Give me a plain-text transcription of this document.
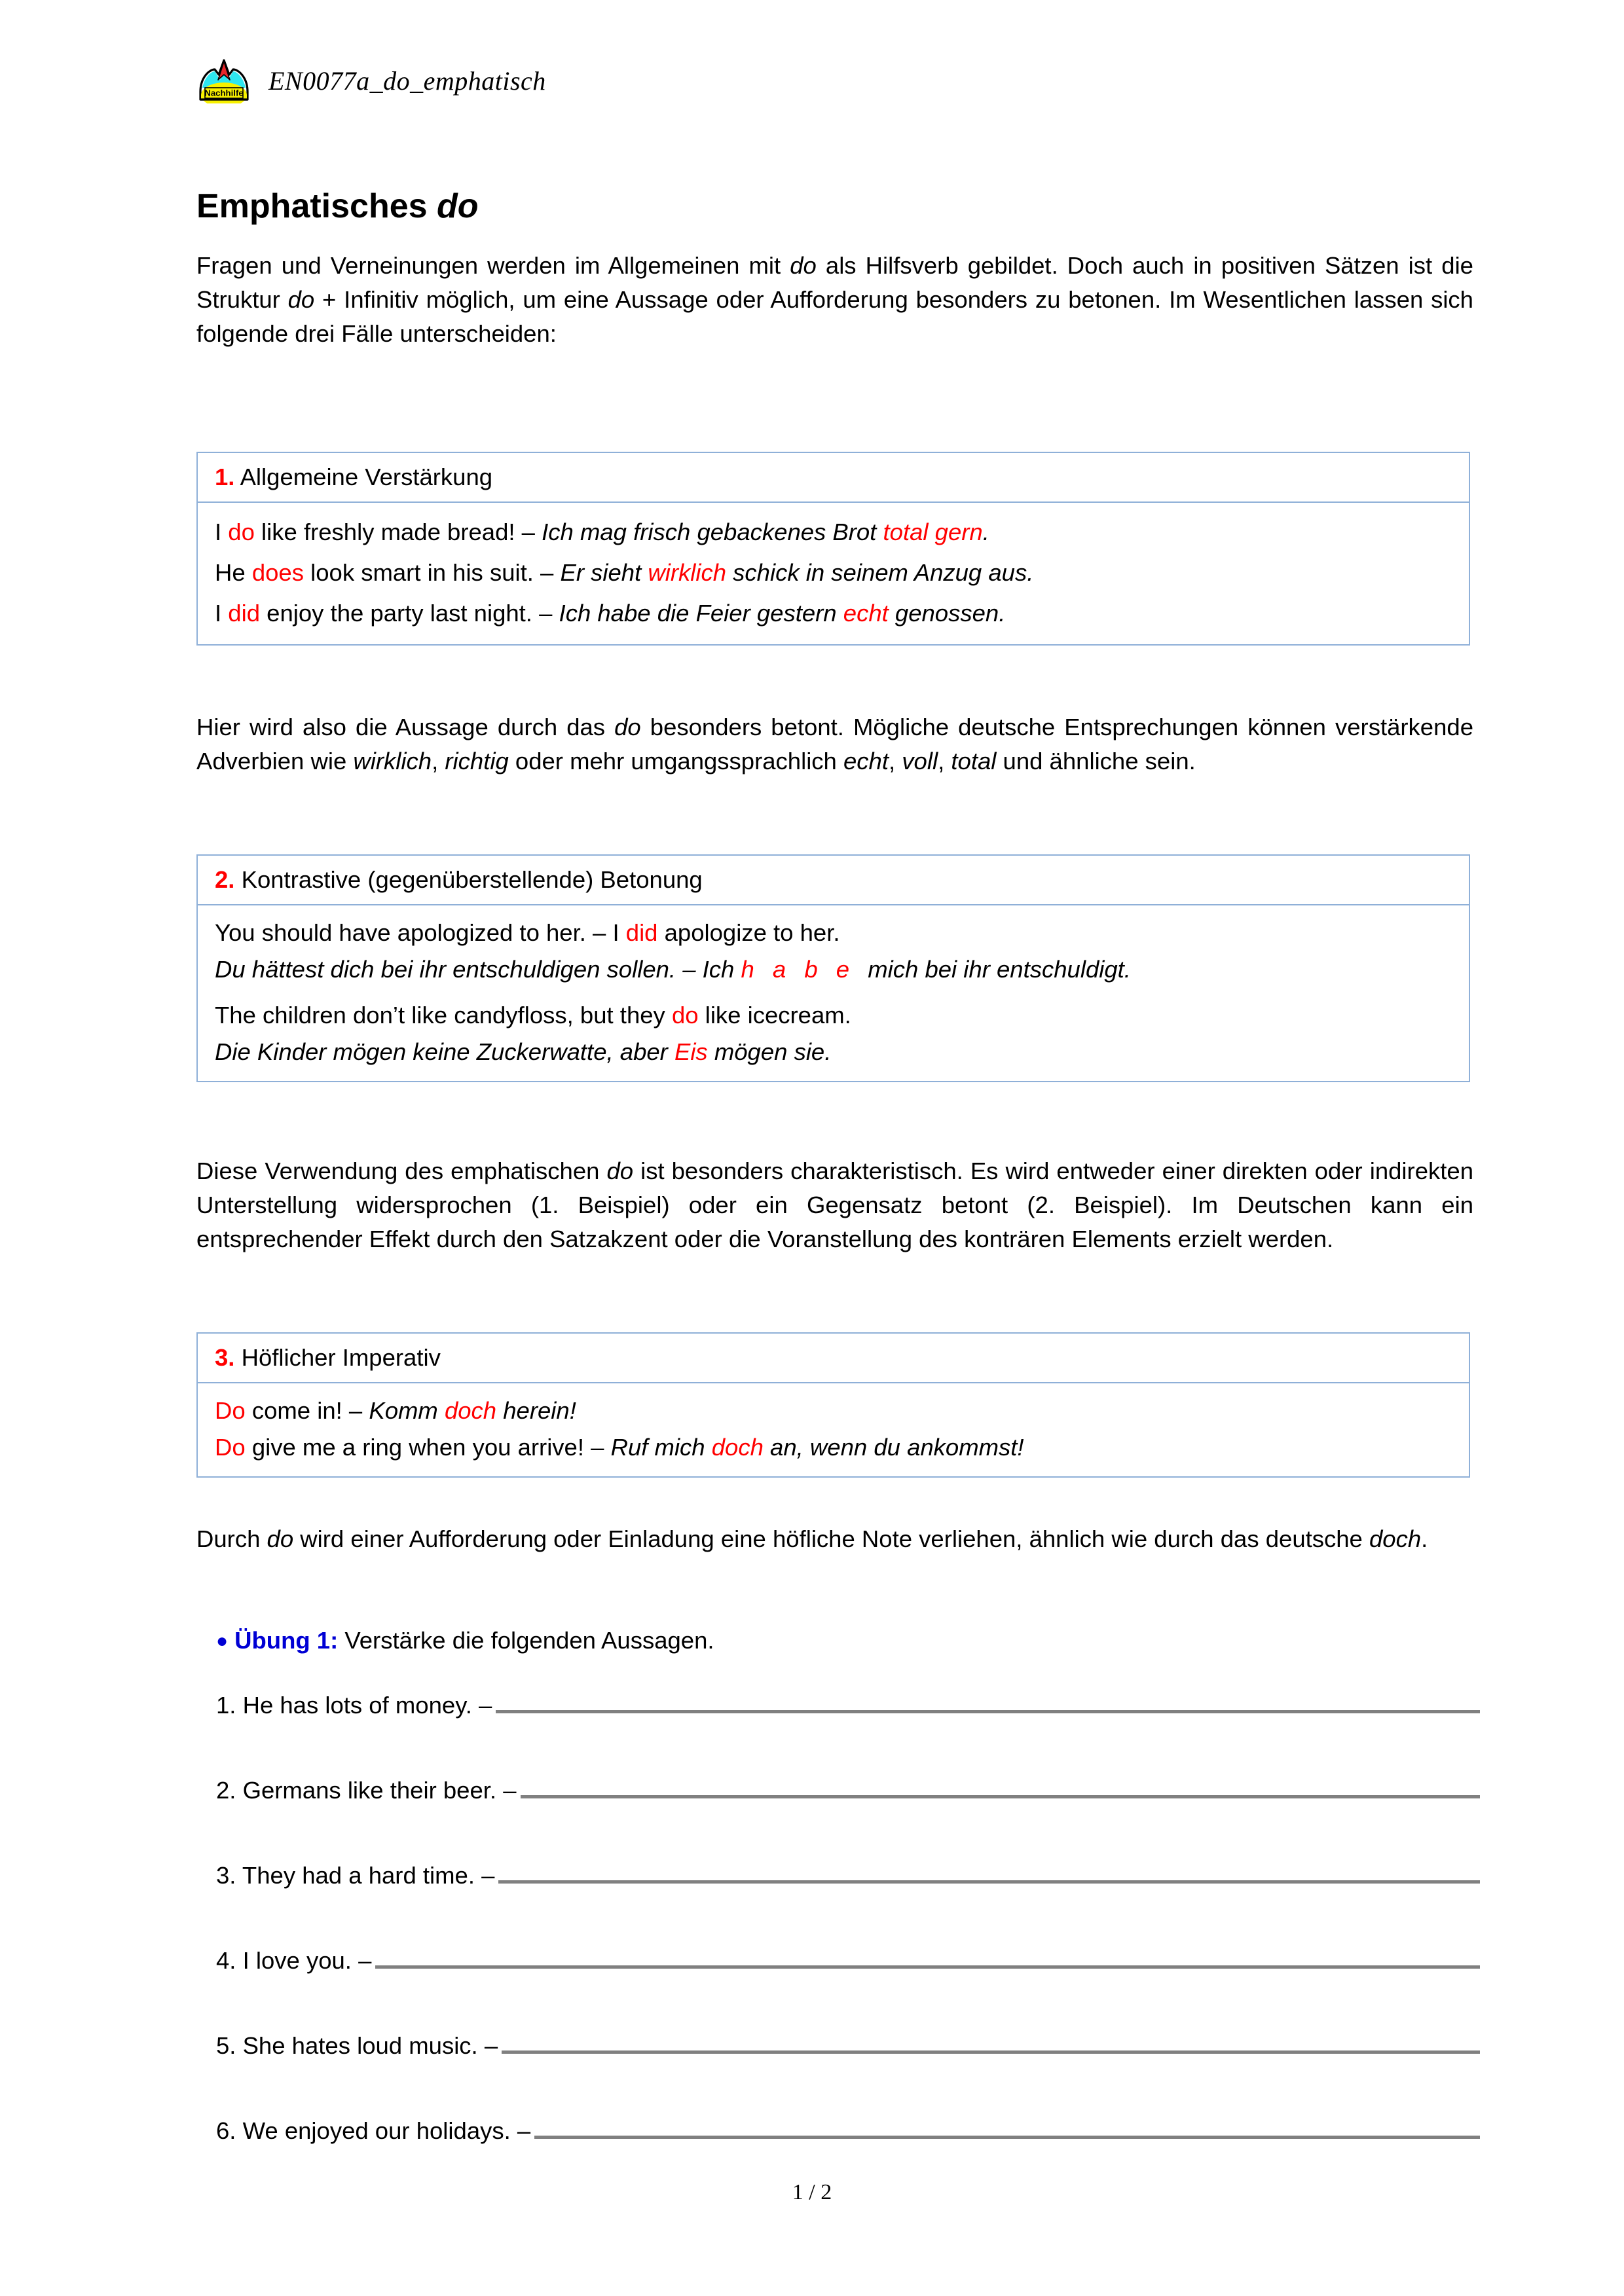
Nachhilfe EN0077a_do_emphatisch
Emphatisches do

Fragen und Verneinungen werden im Allgemeinen mit do als Hilfsverb gebildet. Doch auch in positiven Sätzen ist die Struktur do + Infinitiv möglich, um eine Aussage oder Aufforderung besonders zu betonen. Im Wesentlichen lassen sich folgende drei Fälle unterscheiden:

1. Allgemeine Verstärkung

I do like freshly made bread! – Ich mag frisch gebackenes Brot total gern.

He does look smart in his suit. – Er sieht wirklich schick in seinem Anzug aus.

I did enjoy the party last night. – Ich habe die Feier gestern echt genossen.

Hier wird also die Aussage durch das do besonders betont. Mögliche deutsche Entsprechungen können verstärkende Adverbien wie wirklich, richtig oder mehr umgangssprachlich echt, voll, total und ähnliche sein.

2. Kontrastive (gegenüberstellende) Betonung

You should have apologized to her. – I did apologize to her.

Du hättest dich bei ihr entschuldigen sollen. – Ich h a b e mich bei ihr entschuldigt.

The children don’t like candyfloss, but they do like icecream.

Die Kinder mögen keine Zuckerwatte, aber Eis mögen sie.

Diese Verwendung des emphatischen do ist besonders charakteristisch. Es wird entweder einer direkten oder indirekten Unterstellung widersprochen (1. Beispiel) oder ein Gegensatz betont (2. Beispiel). Im Deutschen kann ein entsprechender Effekt durch den Satzakzent oder die Voranstellung des konträren Elements erzielt werden.

3. Höflicher Imperativ

Do come in! – Komm doch herein!

Do give me a ring when you arrive! – Ruf mich doch an, wenn du ankommst!

Durch do wird einer Aufforderung oder Einladung eine höfliche Note verliehen, ähnlich wie durch das deutsche doch.

● Übung 1: Verstärke die folgenden Aussagen.
1. He has lots of money. –
2. Germans like their beer. –
3. They had a hard time. –
4. I love you. –
5. She hates loud music. –
6. We enjoyed our holidays. –
1 / 2
